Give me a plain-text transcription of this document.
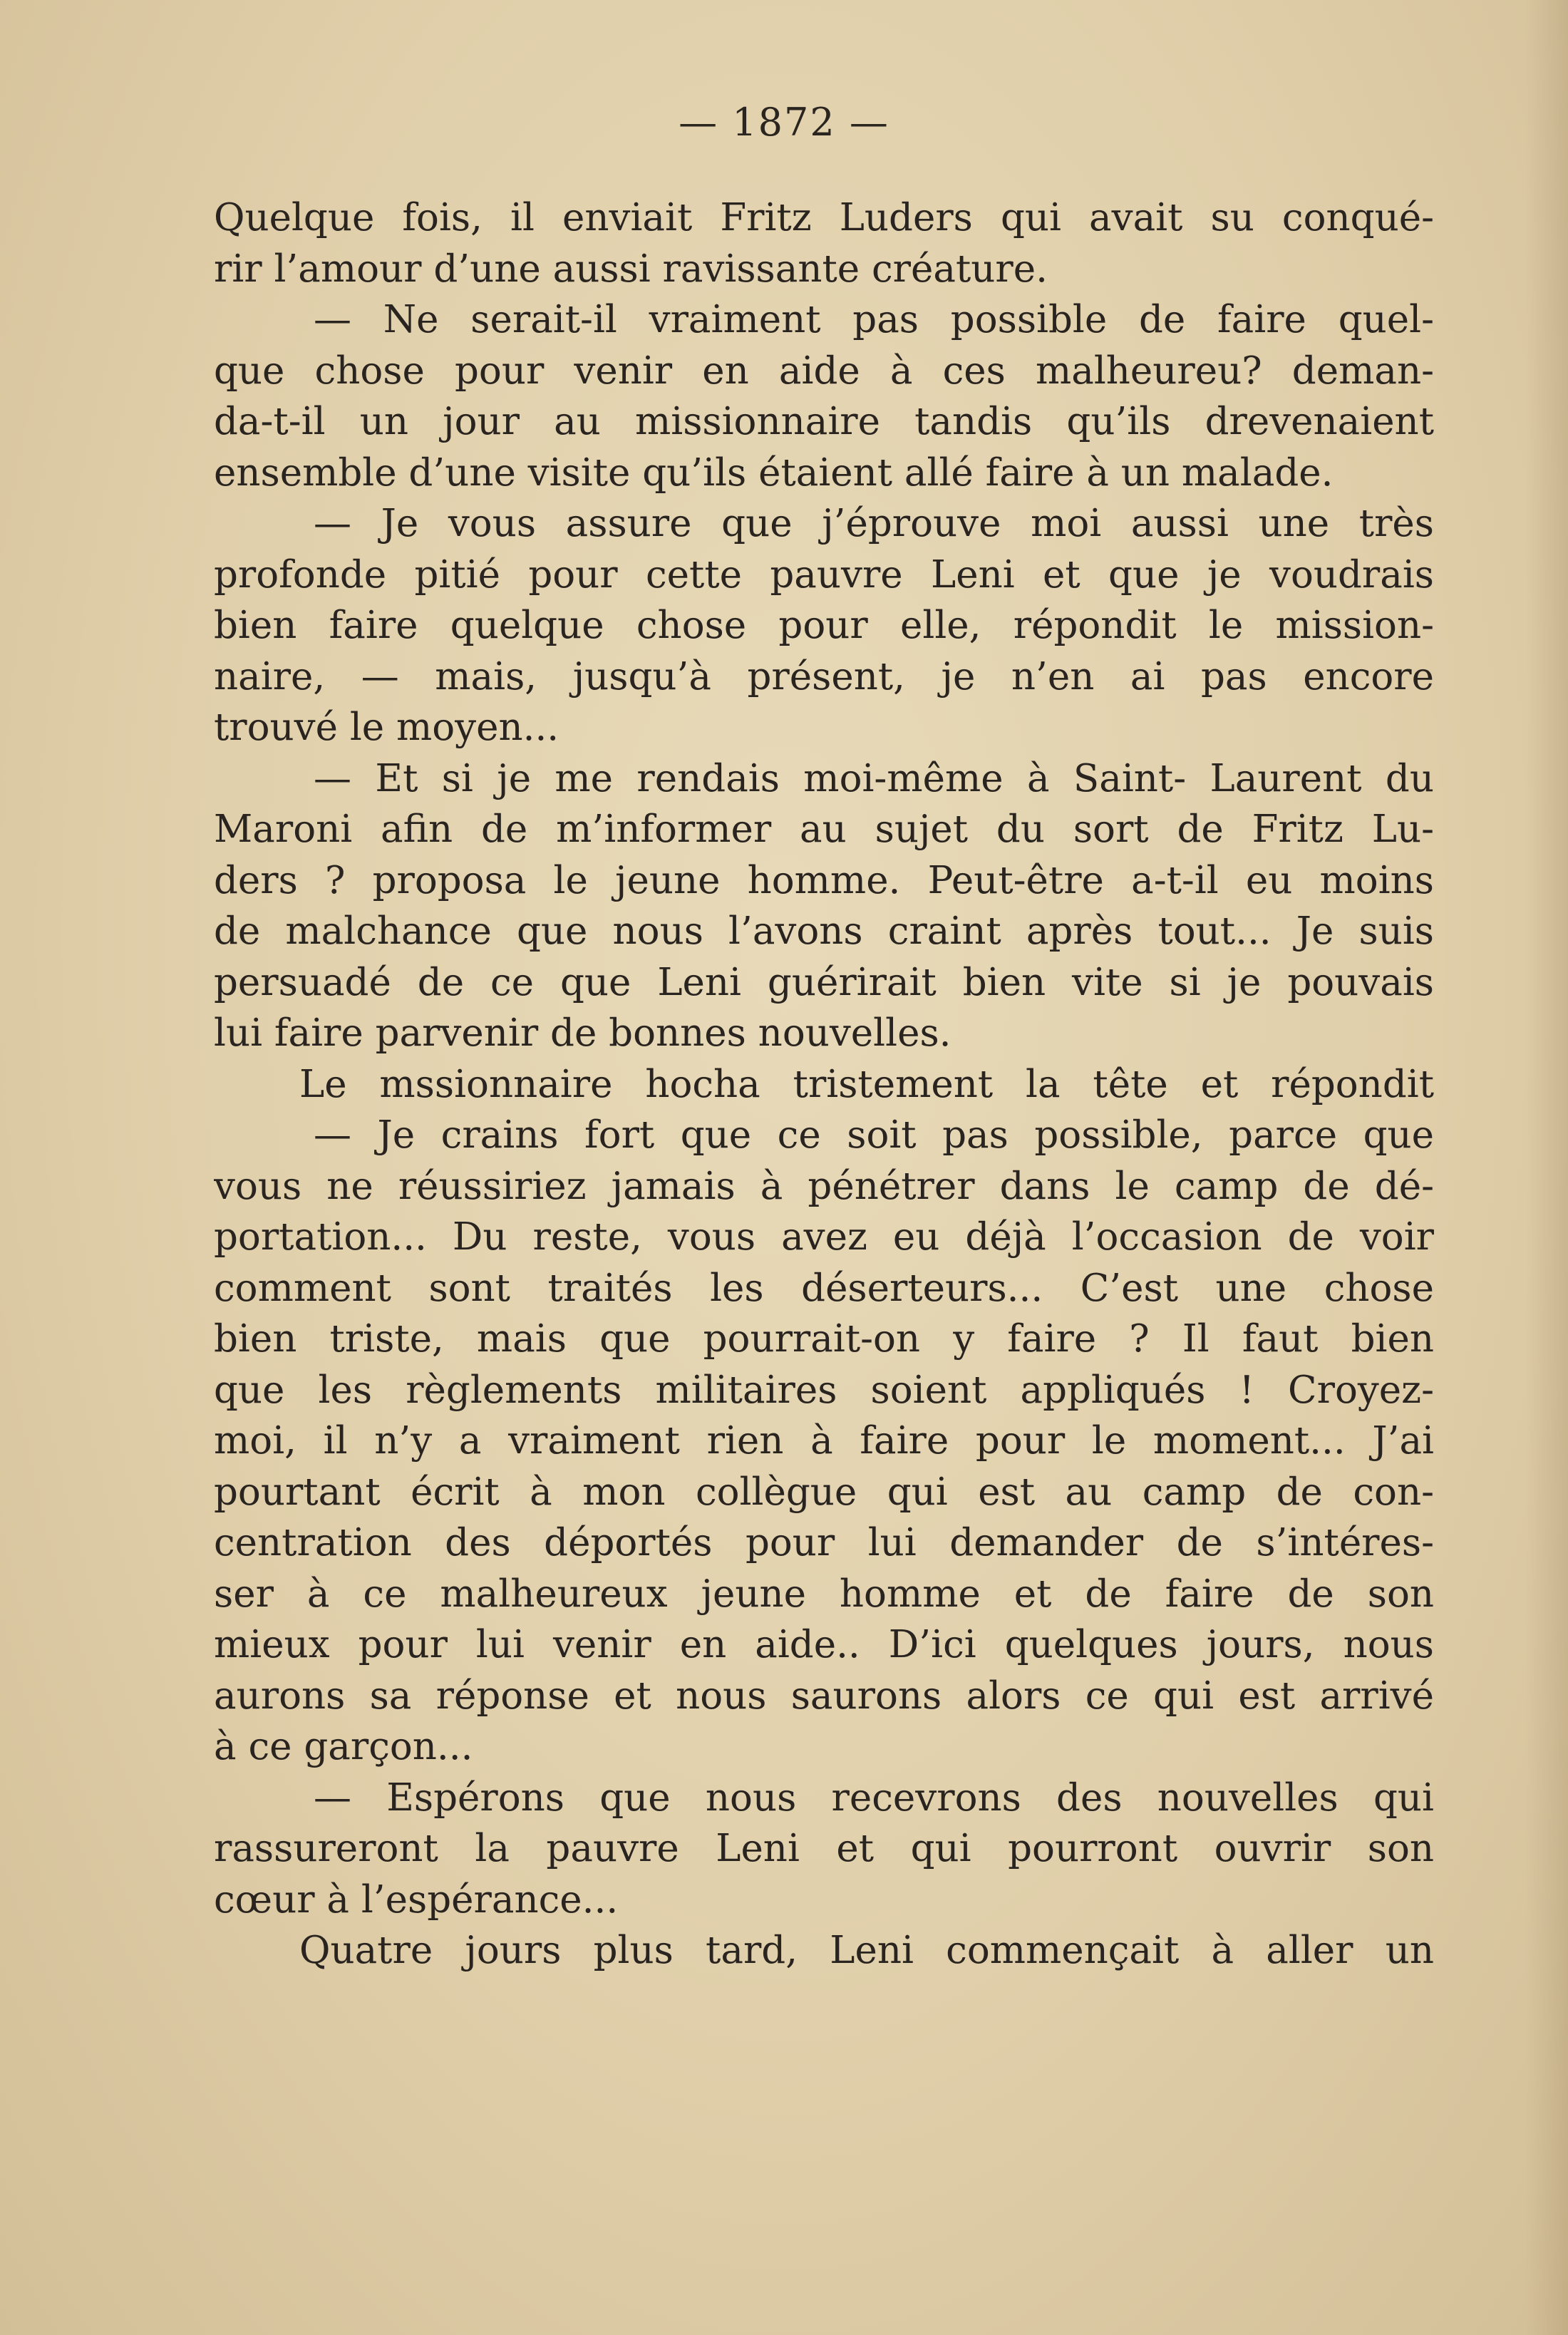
— 1872 —
Quelque fois, il enviait Fritz Luders qui avait su conqué-
rir l’amour d’une aussi ravissante créature.
— Ne serait-il vraiment pas possible de faire quel-
que chose pour venir en aide à ces malheureu? deman-
da-t-il un jour au missionnaire tandis qu’ils drevenaient
ensemble d’une visite qu’ils étaient allé faire à un malade.
— Je vous assure que j’éprouve moi aussi une très
profonde pitié pour cette pauvre Leni et que je voudrais
bien faire quelque chose pour elle, répondit le mission-
naire, — mais, jusqu’à présent, je n’en ai pas encore
trouvé le moyen...
— Et si je me rendais moi-même à Saint- Laurent du
Maroni afin de m’informer au sujet du sort de Fritz Lu-
ders ? proposa le jeune homme. Peut-être a-t-il eu moins
de malchance que nous l’avons craint après tout... Je suis
persuadé de ce que Leni guérirait bien vite si je pouvais
lui faire parvenir de bonnes nouvelles.
Le mssionnaire hocha tristement la tête et répondit
— Je crains fort que ce soit pas possible, parce que
vous ne réussiriez jamais à pénétrer dans le camp de dé-
portation... Du reste, vous avez eu déjà l’occasion de voir
comment sont traités les déserteurs... C’est une chose
bien triste, mais que pourrait-on y faire ? Il faut bien
que les règlements militaires soient appliqués ! Croyez-
moi, il n’y a vraiment rien à faire pour le moment... J’ai
pourtant écrit à mon collègue qui est au camp de con-
centration des déportés pour lui demander de s’intéres-
ser à ce malheureux jeune homme et de faire de son
mieux pour lui venir en aide.. D’ici quelques jours, nous
aurons sa réponse et nous saurons alors ce qui est arrivé
à ce garçon...
— Espérons que nous recevrons des nouvelles qui
rassureront la pauvre Leni et qui pourront ouvrir son
cœur à l’espérance...
Quatre jours plus tard, Leni commençait à aller un
